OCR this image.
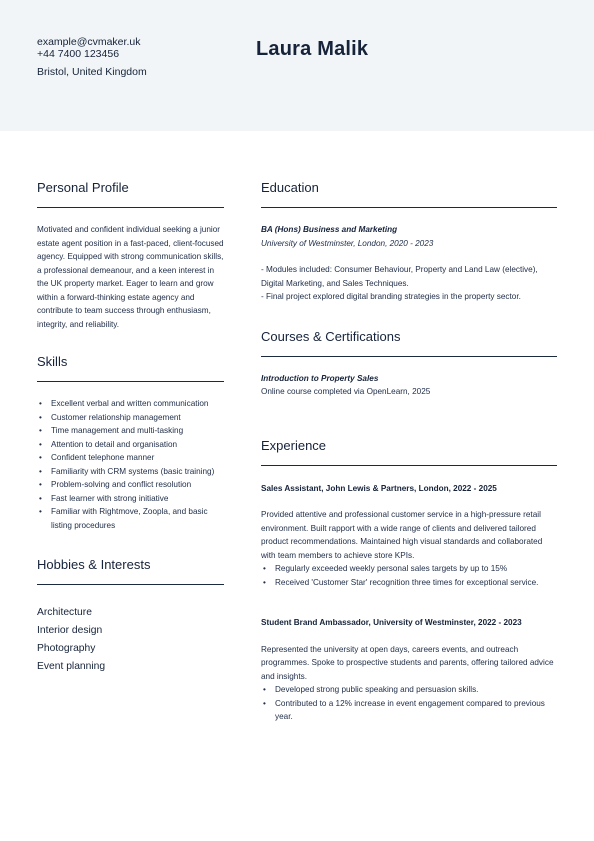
example@cvmaker.uk
+44 7400 123456
Bristol, United Kingdom
Laura Malik
Personal Profile
Motivated and confident individual seeking a junior estate agent position in a fast-paced, client-focused agency. Equipped with strong communication skills, a professional demeanour, and a keen interest in the UK property market. Eager to learn and grow within a forward-thinking estate agency and contribute to team success through enthusiasm, integrity, and reliability.
Skills
• Excellent verbal and written communication
• Customer relationship management
• Time management and multi-tasking
• Attention to detail and organisation
• Confident telephone manner
• Familiarity with CRM systems (basic training)
• Problem-solving and conflict resolution
• Fast learner with strong initiative
• Familiar with Rightmove, Zoopla, and basic listing procedures
Hobbies & Interests
Architecture
Interior design
Photography
Event planning
Education
BA (Hons) Business and Marketing
University of Westminster, London, 2020 - 2023
- Modules included: Consumer Behaviour, Property and Land Law (elective), Digital Marketing, and Sales Techniques.
- Final project explored digital branding strategies in the property sector.
Courses & Certifications
Introduction to Property Sales
Online course completed via OpenLearn, 2025
Experience
Sales Assistant, John Lewis & Partners, London, 2022 - 2025
Provided attentive and professional customer service in a high-pressure retail environment. Built rapport with a wide range of clients and delivered tailored product recommendations. Maintained high visual standards and collaborated with team members to achieve store KPIs.
• Regularly exceeded weekly personal sales targets by up to 15%
• Received 'Customer Star' recognition three times for exceptional service.
Student Brand Ambassador, University of Westminster, 2022 - 2023
Represented the university at open days, careers events, and outreach programmes. Spoke to prospective students and parents, offering tailored advice and insights.
• Developed strong public speaking and persuasion skills.
• Contributed to a 12% increase in event engagement compared to previous year.
